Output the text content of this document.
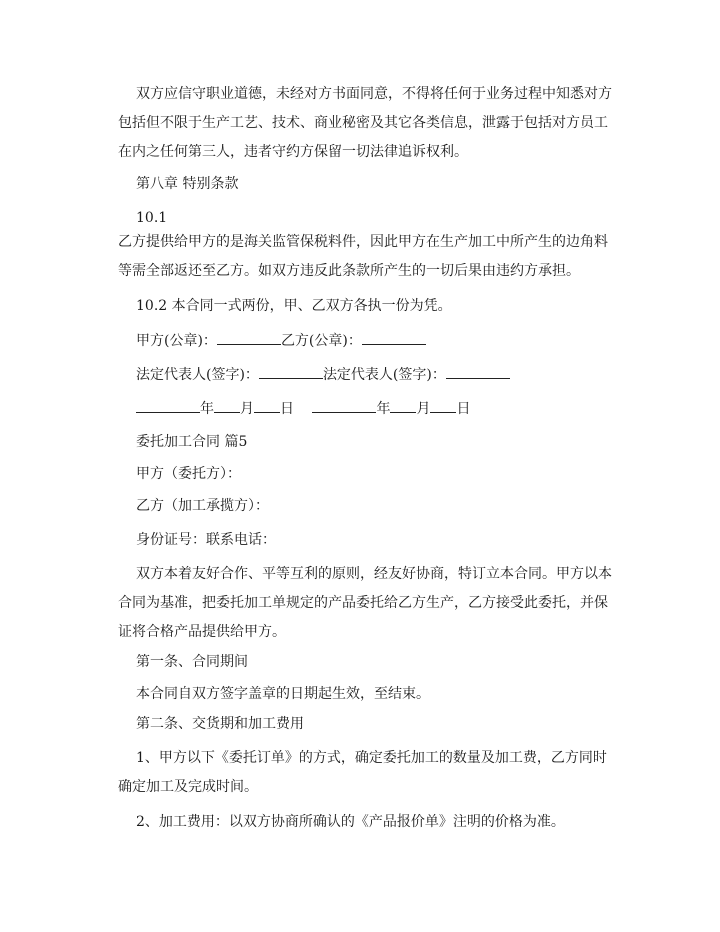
双方应信守职业道德，未经对方书面同意，不得将任何于业务过程中知悉对方包括但不限于生产工艺、技术、商业秘密及其它各类信息，泄露于包括对方员工在内之任何第三人，违者守约方保留一切法律追诉权利。

第八章 特别条款

10.1

乙方提供给甲方的是海关监管保税料件，因此甲方在生产加工中所产生的边角料等需全部返还至乙方。如双方违反此条款所产生的一切后果由违约方承担。

10.2 本合同一式两份，甲、乙双方各执一份为凭。

甲方(公章)：	乙方(公章)：

法定代表人(签字)：	法定代表人(签字)：

年 月 日  	年 月 日

委托加工合同 篇5

甲方（委托方）：

乙方（加工承揽方）：

身份证号：联系电话：

双方本着友好合作、平等互利的原则，经友好协商，特订立本合同。甲方以本合同为基准，把委托加工单规定的产品委托给乙方生产，乙方接受此委托，并保证将合格产品提供给甲方。

第一条、合同期间

本合同自双方签字盖章的日期起生效，至结束。

第二条、交货期和加工费用

1、甲方以下《委托订单》的方式，确定委托加工的数量及加工费，乙方同时确定加工及完成时间。

2、加工费用：以双方协商所确认的《产品报价单》注明的价格为准。
